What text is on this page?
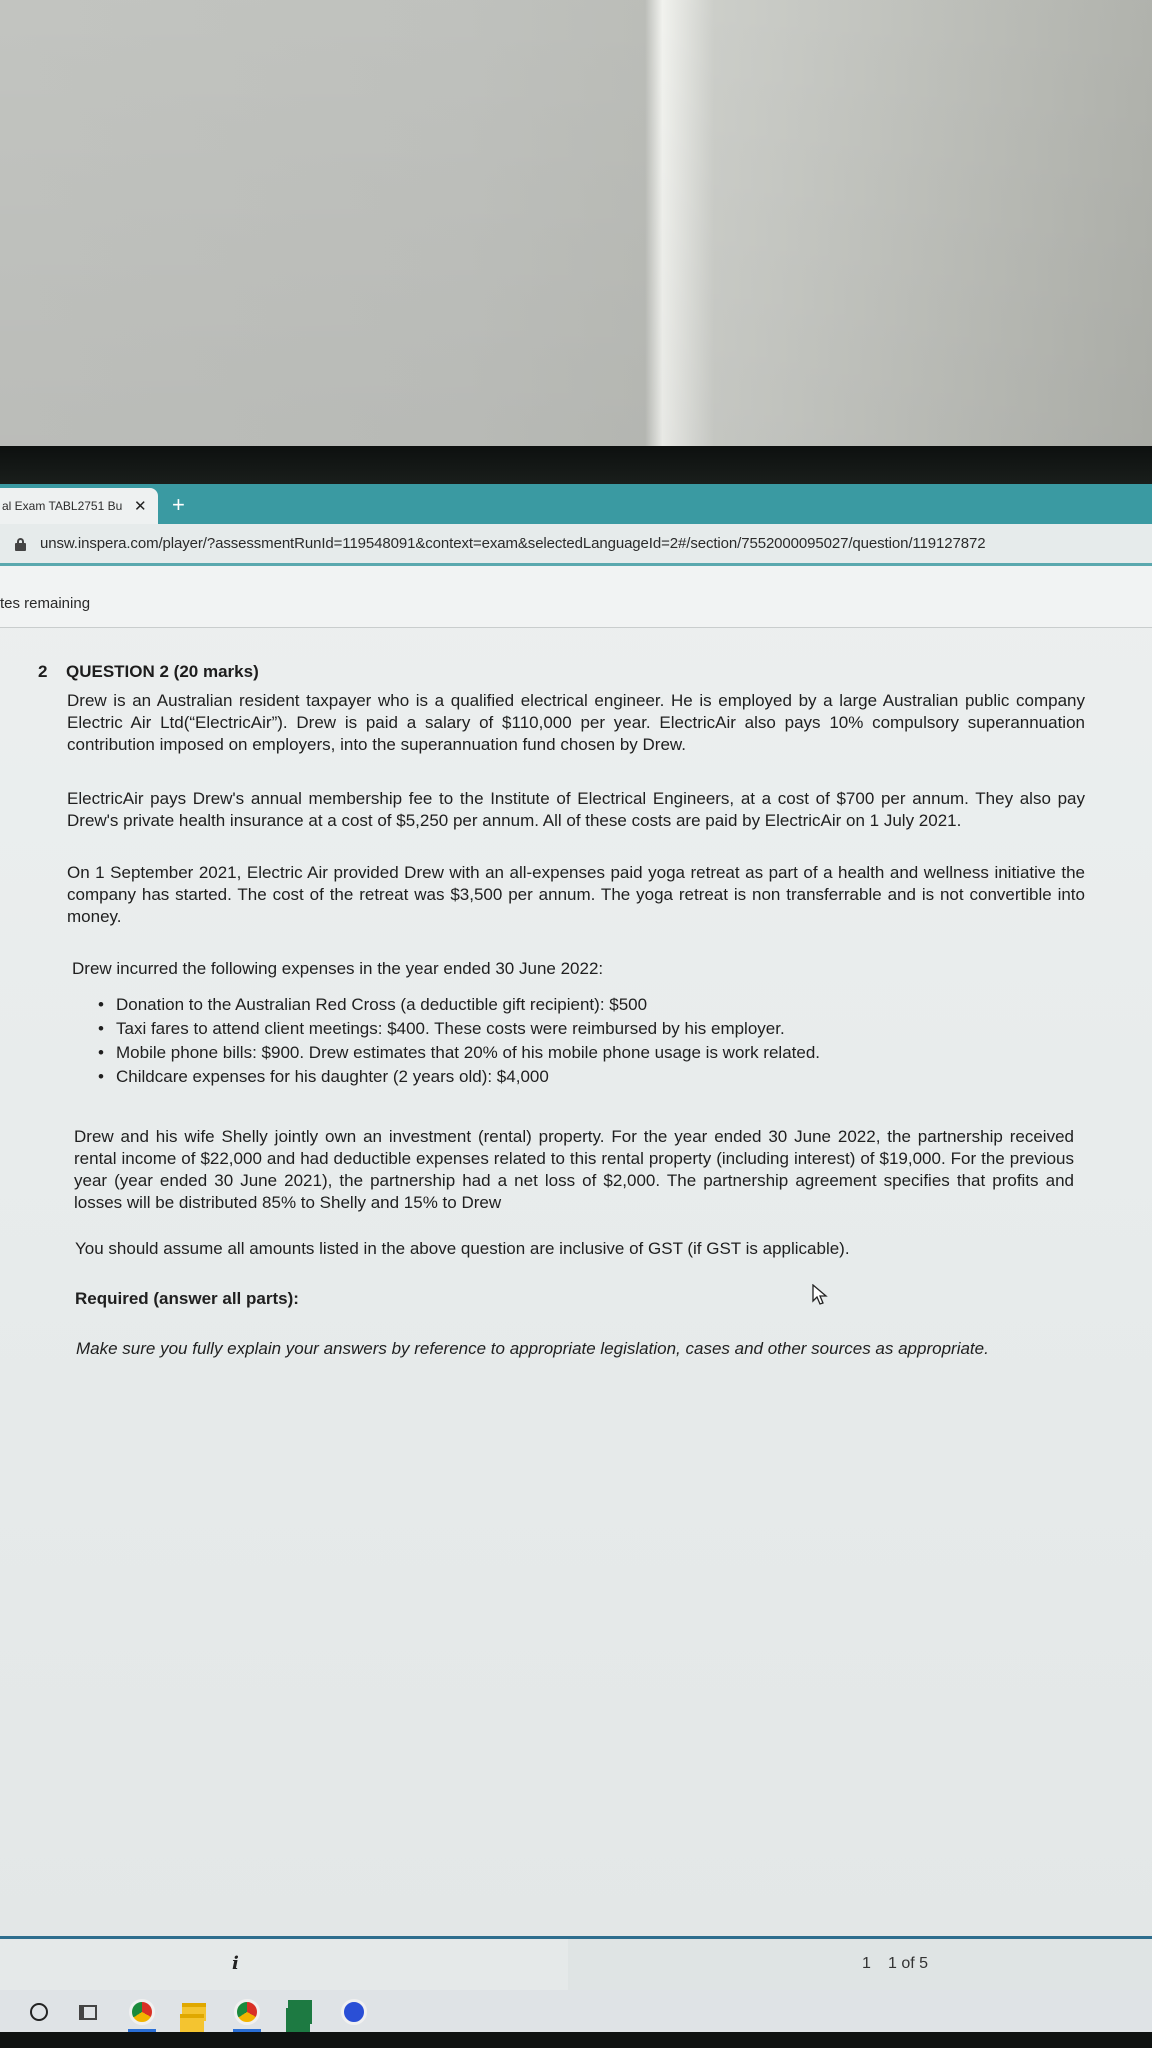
al Exam TABL2751 Bu ✕ +
unsw.inspera.com/player/?assessmentRunId=119548091&context=exam&selectedLanguageId=2#/section/7552000095027/question/119127872
tes remaining
2 QUESTION 2 (20 marks)

Drew is an Australian resident taxpayer who is a qualified electrical engineer. He is employed by a large Australian public company Electric Air Ltd(“ElectricAir”). Drew is paid a salary of $110,000 per year. ElectricAir also pays 10% compulsory superannuation contribution imposed on employers, into the superannuation fund chosen by Drew.

ElectricAir pays Drew's annual membership fee to the Institute of Electrical Engineers, at a cost of $700 per annum. They also pay Drew's private health insurance at a cost of $5,250 per annum. All of these costs are paid by ElectricAir on 1 July 2021.

On 1 September 2021, Electric Air provided Drew with an all-expenses paid yoga retreat as part of a health and wellness initiative the company has started. The cost of the retreat was $3,500 per annum. The yoga retreat is non transferrable and is not convertible into money.

Drew incurred the following expenses in the year ended 30 June 2022:

• Donation to the Australian Red Cross (a deductible gift recipient): $500
• Taxi fares to attend client meetings: $400. These costs were reimbursed by his employer.
• Mobile phone bills: $900. Drew estimates that 20% of his mobile phone usage is work related.
• Childcare expenses for his daughter (2 years old): $4,000

Drew and his wife Shelly jointly own an investment (rental) property. For the year ended 30 June 2022, the partnership received rental income of $22,000 and had deductible expenses related to this rental property (including interest) of $19,000. For the previous year (year ended 30 June 2021), the partnership had a net loss of $2,000. The partnership agreement specifies that profits and losses will be distributed 85% to Shelly and 15% to Drew

You should assume all amounts listed in the above question are inclusive of GST (if GST is applicable).

Required (answer all parts):

Make sure you fully explain your answers by reference to appropriate legislation, cases and other sources as appropriate.

i	1 1 of 5
